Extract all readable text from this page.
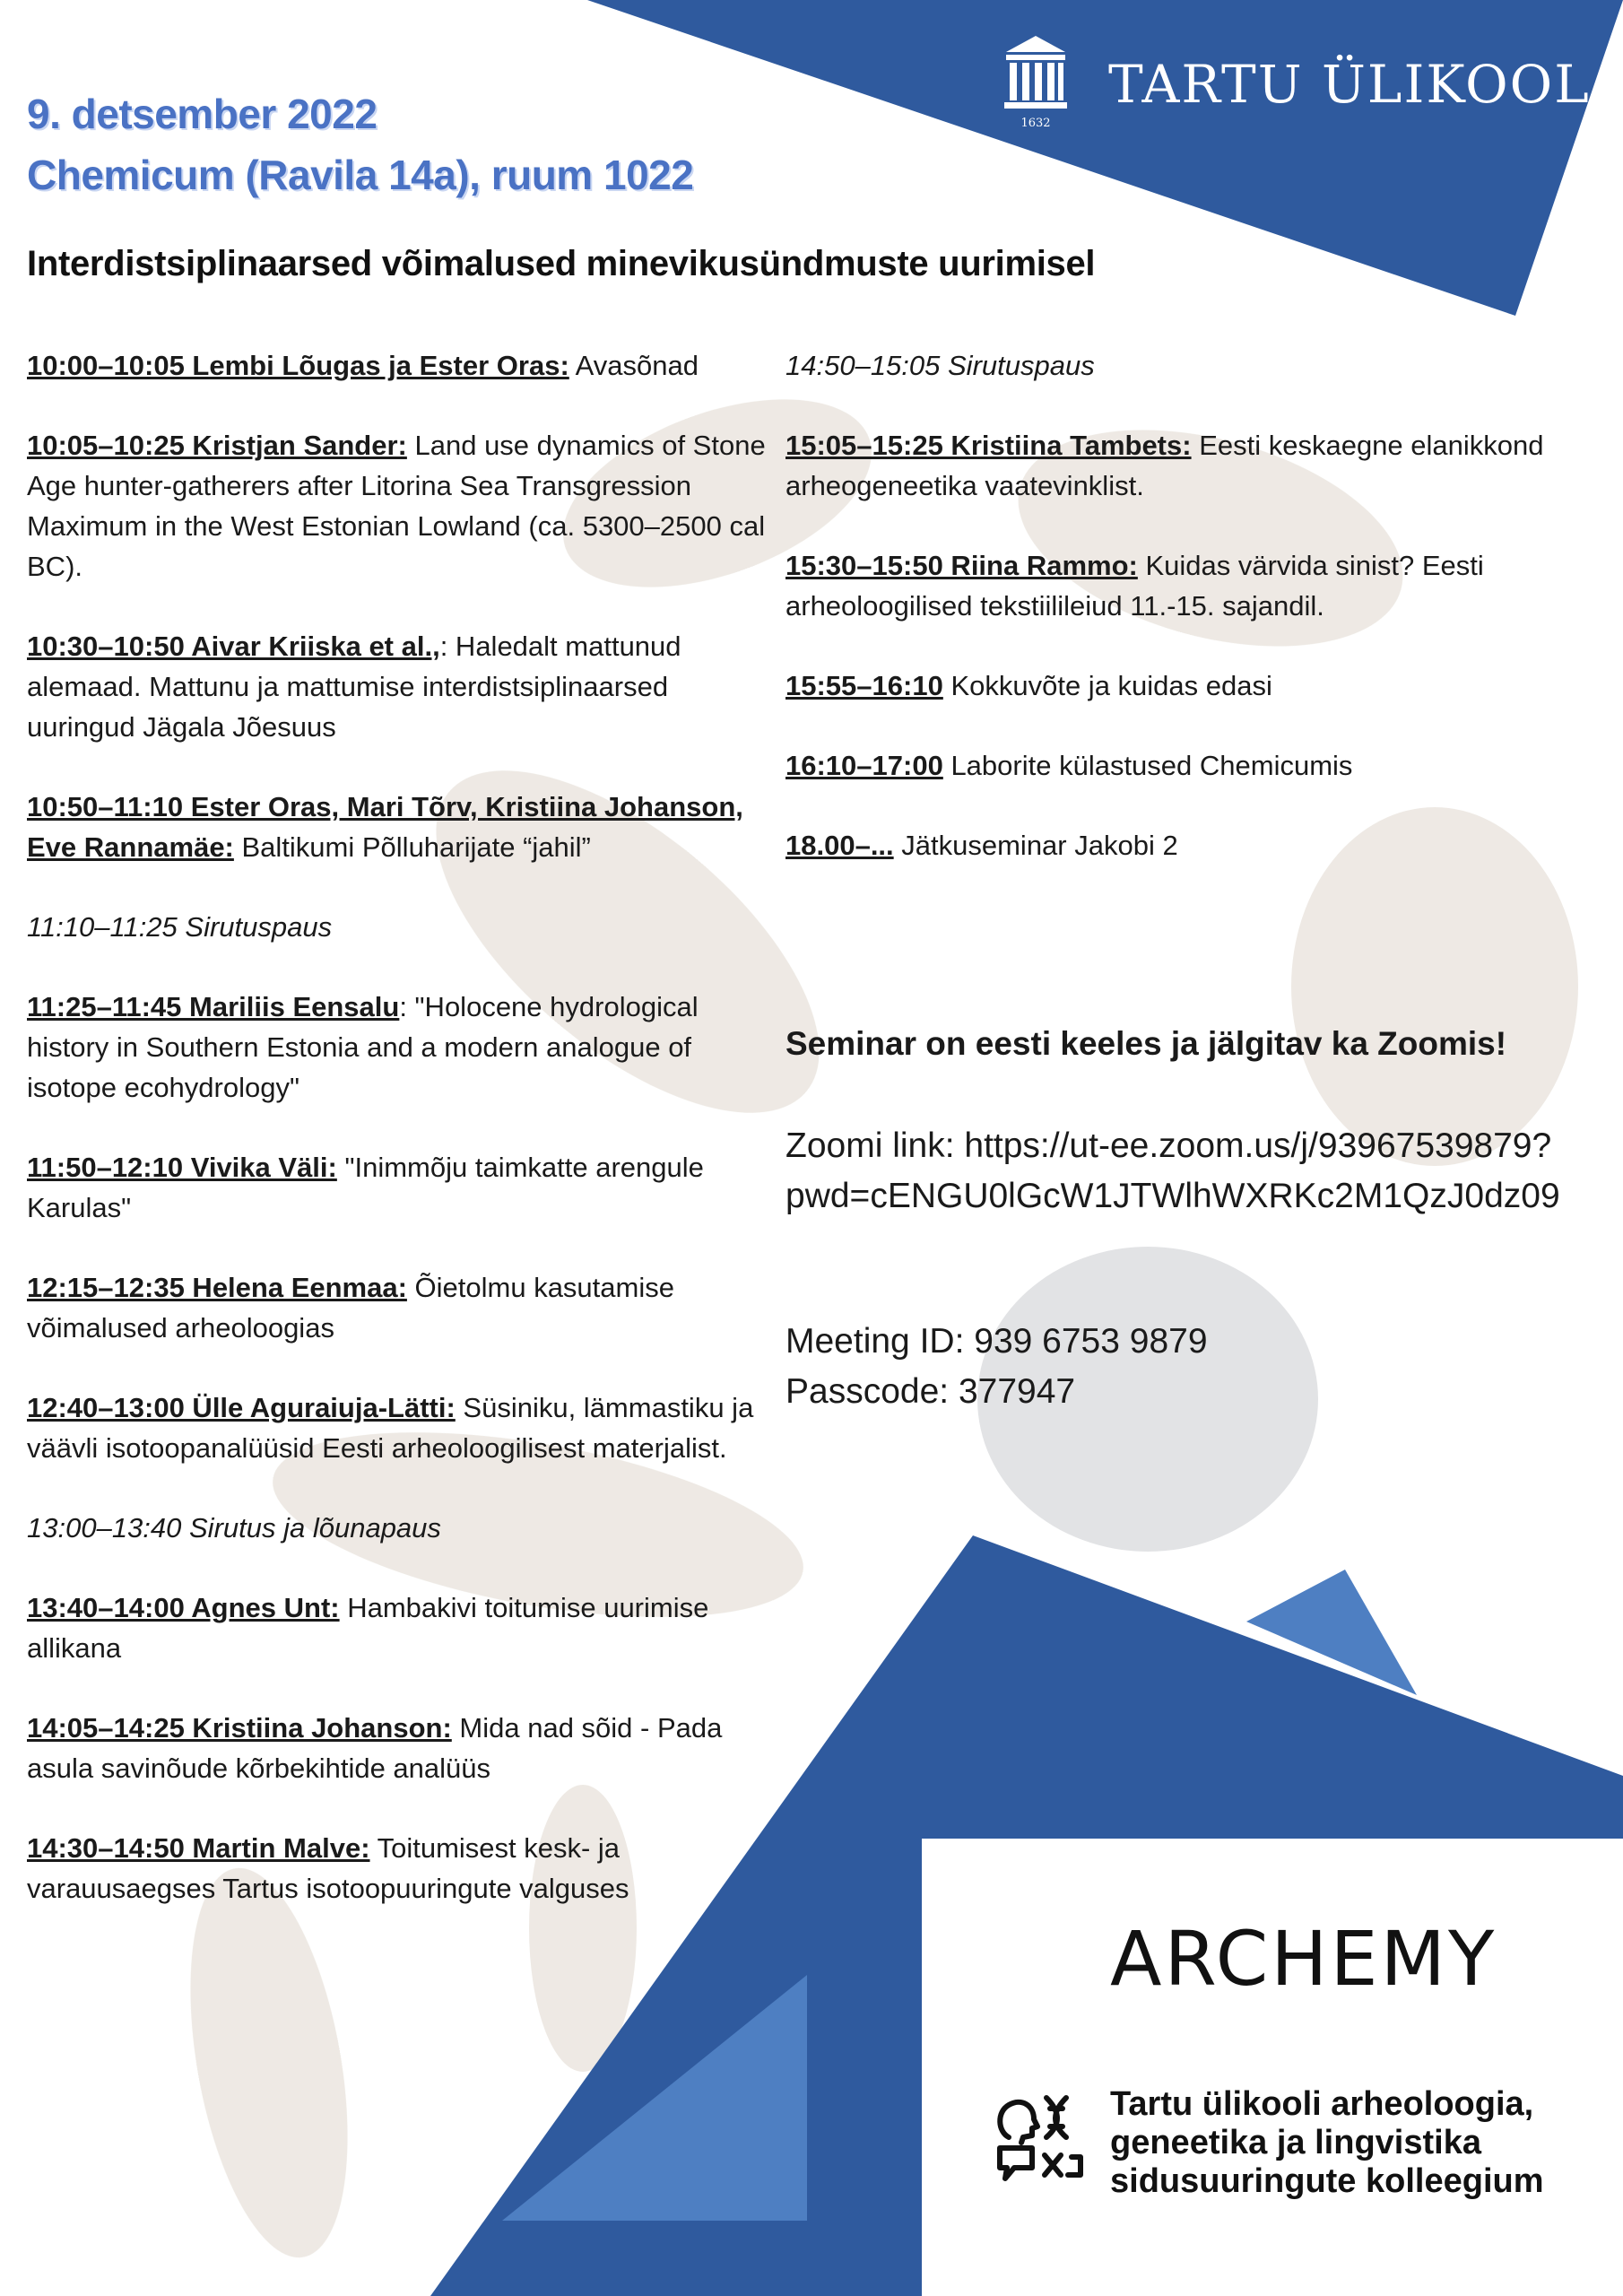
1632
TARTU ÜLIKOOL
9. detsember 2022
Chemicum (Ravila 14a), ruum 1022
Interdistsiplinaarsed võimalused minevikusündmuste uurimisel
10:00–10:05 Lembi Lõugas ja Ester Oras: Avasõnad
10:05–10:25 Kristjan Sander: Land use dynamics of Stone Age hunter-gatherers after Litorina Sea Transgression Maximum in the West Estonian Lowland (ca. 5300–2500 cal BC).
10:30–10:50 Aivar Kriiska et al.,: Haledalt mattunud alemaad. Mattunu ja mattumise interdistsiplinaarsed uuringud Jägala Jõesuus
10:50–11:10 Ester Oras, Mari Tõrv, Kristiina Johanson, Eve Rannamäe: Baltikumi Põlluharijate “jahil”
11:10–11:25 Sirutuspaus
11:25–11:45 Mariliis Eensalu: "Holocene hydrological history in Southern Estonia and a modern analogue of isotope ecohydrology"
11:50–12:10 Vivika Väli: "Inimmõju taimkatte arengule Karulas"
12:15–12:35 Helena Eenmaa: Õietolmu kasutamise võimalused arheoloogias
12:40–13:00 Ülle Aguraiuja-Lätti: Süsiniku, lämmastiku ja väävli isotoopanalüüsid Eesti arheoloogilisest materjalist.
13:00–13:40 Sirutus ja lõunapaus
13:40–14:00 Agnes Unt: Hambakivi toitumise uurimise allikana
14:05–14:25 Kristiina Johanson: Mida nad sõid - Pada asula savinõude kõrbekihtide analüüs
14:30–14:50 Martin Malve: Toitumisest kesk- ja varauusaegses Tartus isotoopuuringute valguses
14:50–15:05 Sirutuspaus
15:05–15:25 Kristiina Tambets: Eesti keskaegne elanikkond arheogeneetika vaatevinklist.
15:30–15:50 Riina Rammo: Kuidas värvida sinist? Eesti arheoloogilised tekstiilileiud 11.-15. sajandil.
15:55–16:10 Kokkuvõte ja kuidas edasi
16:10–17:00 Laborite külastused Chemicumis
18.00–... Jätkuseminar Jakobi 2
Seminar on eesti keeles ja jälgitav ka Zoomis!
Zoomi link: https://ut-ee.zoom.us/j/93967539879?pwd=cENGU0lGcW1JTWlhWXRKc2M1QzJ0dz09
Meeting ID: 939 6753 9879
Passcode: 377947
ARCHEMY
Tartu ülikooli arheoloogia,
geneetika ja lingvistika
sidusuuringute kolleegium
